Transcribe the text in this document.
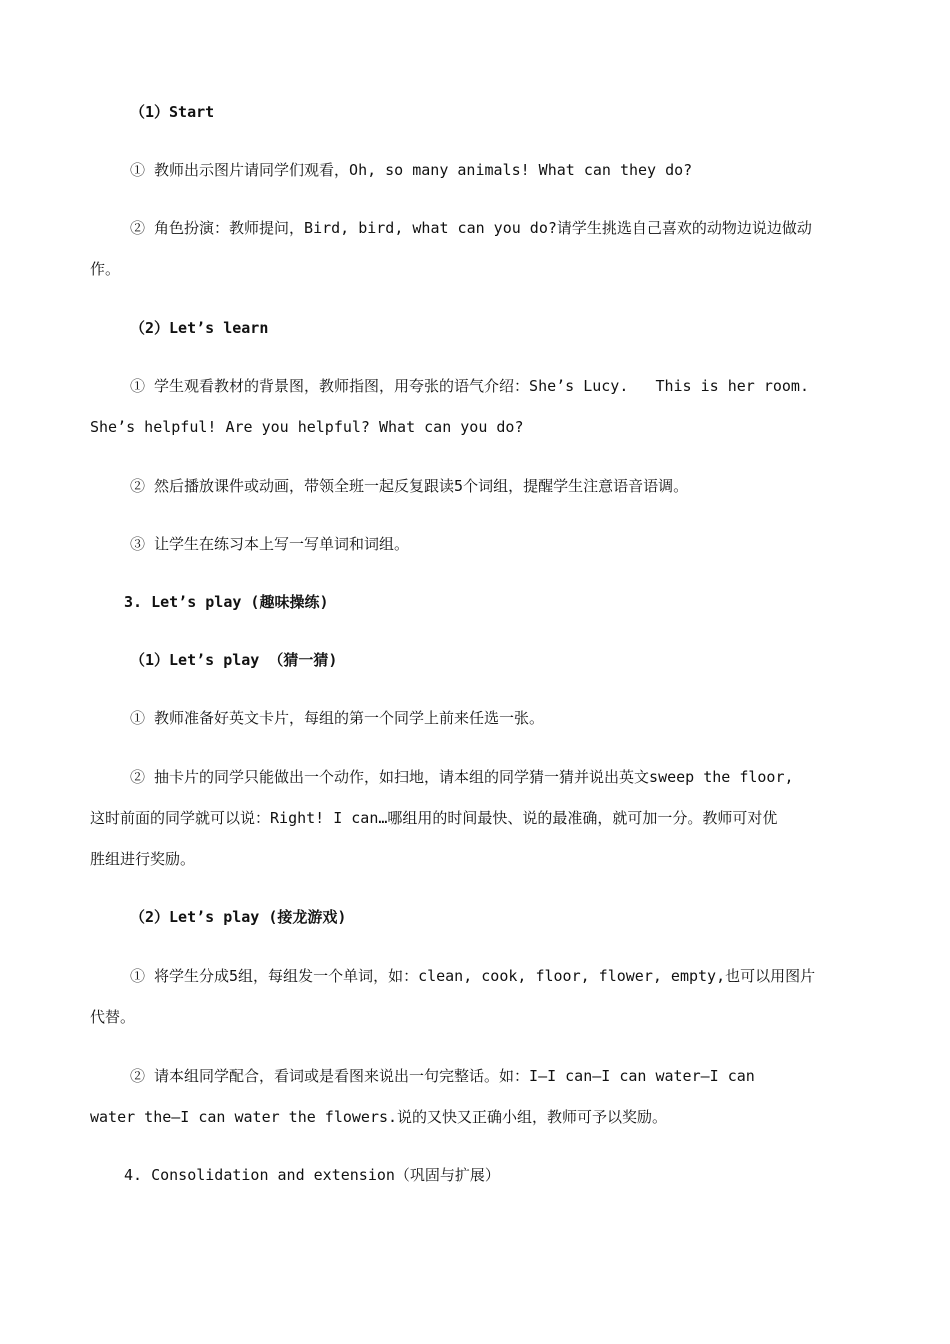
（1）Start
① 教师出示图片请同学们观看，Oh, so many animals! What can they do?
② 角色扮演：教师提问，Bird, bird, what can you do?请学生挑选自己喜欢的动物边说边做动
作。
（2）Let’s learn
① 学生观看教材的背景图，教师指图，用夸张的语气介绍：She’s Lucy.   This is her room.
She’s helpful! Are you helpful? What can you do?
② 然后播放课件或动画，带领全班一起反复跟读5个词组，提醒学生注意语音语调。
③ 让学生在练习本上写一写单词和词组。
3. Let’s play (趣味操练)
（1）Let’s play （猜一猜)
① 教师准备好英文卡片，每组的第一个同学上前来任选一张。
② 抽卡片的同学只能做出一个动作，如扫地，请本组的同学猜一猜并说出英文sweep the floor,
这时前面的同学就可以说：Right! I can…哪组用的时间最快、说的最准确，就可加一分。教师可对优
胜组进行奖励。
（2）Let’s play (接龙游戏)
① 将学生分成5组，每组发一个单词，如：clean, cook, floor, flower, empty,也可以用图片
代替。
② 请本组同学配合，看词或是看图来说出一句完整话。如：I—I can—I can water—I can
water the—I can water the flowers.说的又快又正确小组，教师可予以奖励。
4. Consolidation and extension（巩固与扩展）
